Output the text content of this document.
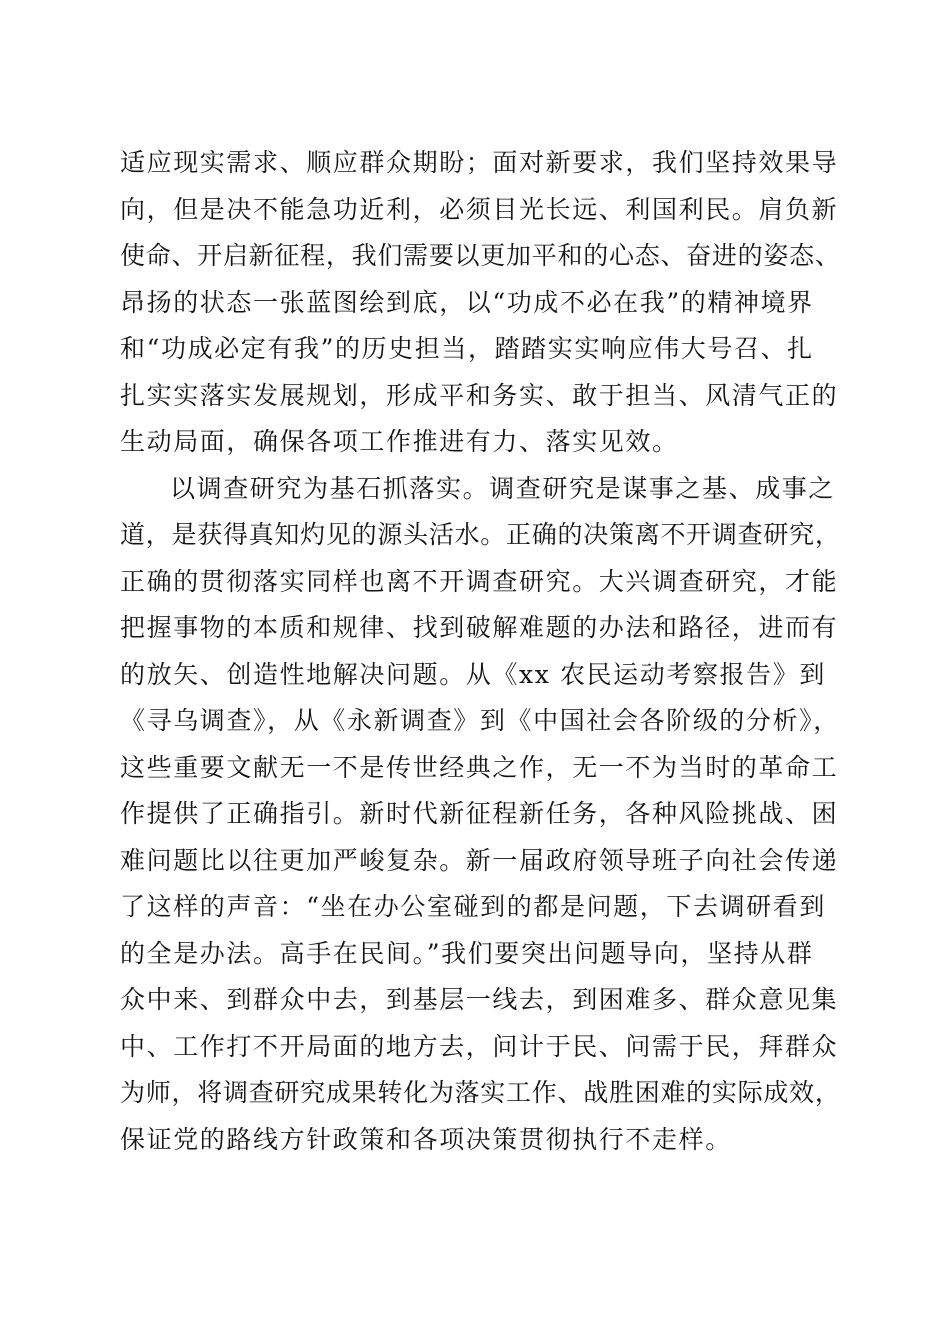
适应现实需求、顺应群众期盼；面对新要求，我们坚持效果导
向，但是决不能急功近利，必须目光长远、利国利民。肩负新
使命、开启新征程，我们需要以更加平和的心态、奋进的姿态、
昂扬的状态一张蓝图绘到底，以“功成不必在我”的精神境界
和“功成必定有我”的历史担当，踏踏实实响应伟大号召、扎
扎实实落实发展规划，形成平和务实、敢于担当、风清气正的
生动局面，确保各项工作推进有力、落实见效。
以调查研究为基石抓落实。调查研究是谋事之基、成事之
道，是获得真知灼见的源头活水。正确的决策离不开调查研究，
正确的贯彻落实同样也离不开调查研究。大兴调查研究，才能
把握事物的本质和规律、找到破解难题的办法和路径，进而有
的放矢、创造性地解决问题。从《xx 农民运动考察报告》到
《寻乌调查》，从《永新调查》到《中国社会各阶级的分析》，
这些重要文献无一不是传世经典之作，无一不为当时的革命工
作提供了正确指引。新时代新征程新任务，各种风险挑战、困
难问题比以往更加严峻复杂。新一届政府领导班子向社会传递
了这样的声音：“坐在办公室碰到的都是问题，下去调研看到
的全是办法。高手在民间。”我们要突出问题导向，坚持从群
众中来、到群众中去，到基层一线去，到困难多、群众意见集
中、工作打不开局面的地方去，问计于民、问需于民，拜群众
为师，将调查研究成果转化为落实工作、战胜困难的实际成效，
保证党的路线方针政策和各项决策贯彻执行不走样。
